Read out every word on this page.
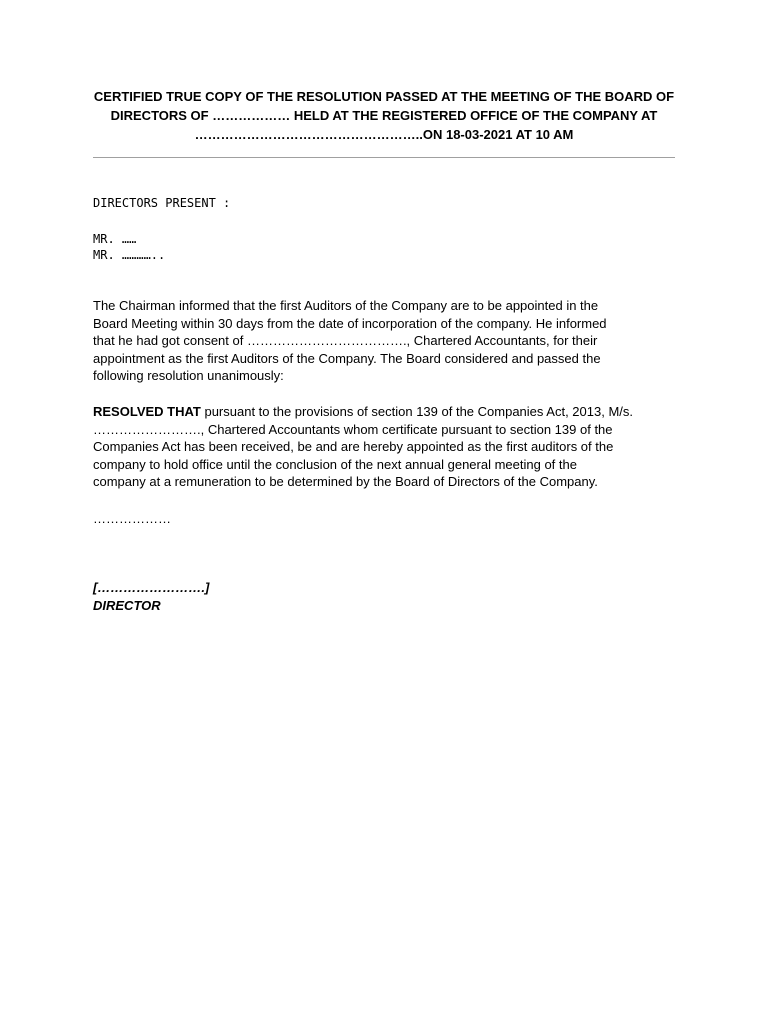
CERTIFIED TRUE COPY OF THE RESOLUTION PASSED AT THE MEETING OF THE BOARD OF
DIRECTORS OF ……………… HELD AT THE REGISTERED OFFICE OF THE COMPANY AT
……………………………………………..ON 18-03-2021 AT 10 AM
DIRECTORS PRESENT :
MR. ……
MR. …………..
The Chairman informed that the first Auditors of the Company are to be appointed in the
Board Meeting within 30 days from the date of incorporation of the company. He informed
that he had got consent of ………………………………., Chartered Accountants, for their
appointment as the first Auditors of the Company. The Board considered and passed the
following resolution unanimously:
RESOLVED THAT pursuant to the provisions of section 139 of the Companies Act, 2013, M/s.
……………………., Chartered Accountants whom certificate pursuant to section 139 of the
Companies Act has been received, be and are hereby appointed as the first auditors of the
company to hold office until the conclusion of the next annual general meeting of the
company at a remuneration to be determined by the Board of Directors of the Company.
………………
[…………………….]
DIRECTOR
